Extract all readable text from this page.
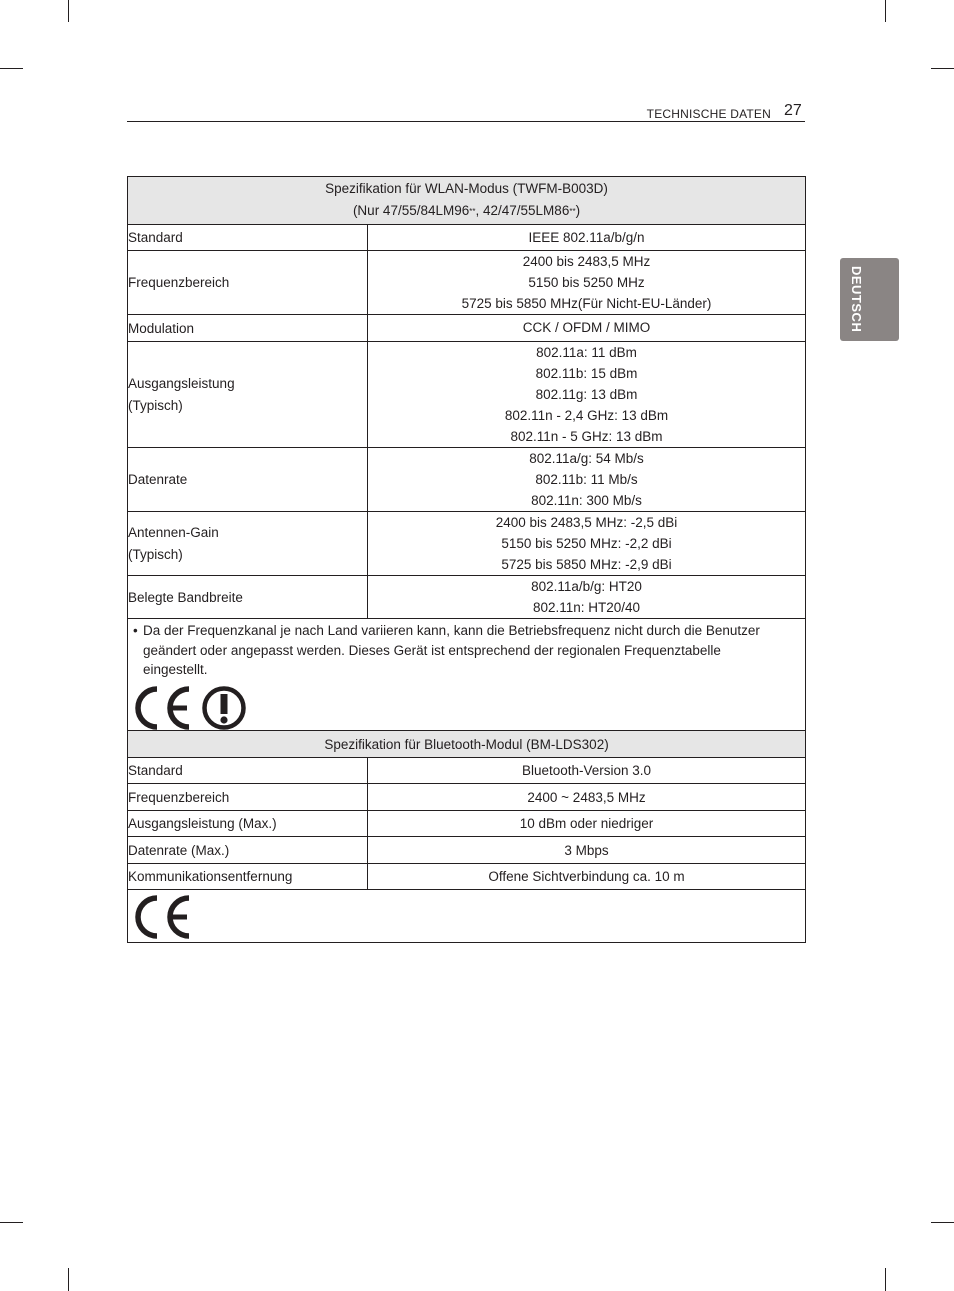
TECHNISCHE DATEN 27
DEUTSCH
Spezifikation für WLAN-Modus (TWFM-B003D)
(Nur 47/55/84LM96**, 42/47/55LM86**)	

Standard	IEEE 802.11a/b/g/n

Frequenzbereich	2400 bis 2483,5 MHz
5150 bis 5250 MHz
5725 bis 5850 MHz(Für Nicht-EU-Länder)

Modulation	CCK / OFDM / MIMO

Ausgangsleistung
(Typisch)	802.11a: 11 dBm
802.11b: 15 dBm
802.11g: 13 dBm
802.11n - 2,4 GHz: 13 dBm
802.11n - 5 GHz: 13 dBm

Datenrate	802.11a/g: 54 Mb/s
802.11b: 11 Mb/s
802.11n: 300 Mb/s

Antennen-Gain
(Typisch)	2400 bis 2483,5 MHz: -2,5 dBi
5150 bis 5250 MHz: -2,2 dBi
5725 bis 5850 MHz: -2,9 dBi

Belegte Bandbreite	802.11a/b/g: HT20
802.11n: HT20/40

• Da der Frequenzkanal je nach Land variieren kann, kann die Betriebsfrequenz nicht durch die Benutzer geändert oder angepasst werden. Dieses Gerät ist entsprechend der regionalen Frequenztabelle eingestellt.	
Spezifikation für Bluetooth-Modul (BM-LDS302)	
Standard	Bluetooth-Version 3.0
Frequenzbereich	2400 ~ 2483,5 MHz
Ausgangsleistung (Max.)	10 dBm oder niedriger
Datenrate (Max.)	3 Mbps
Kommunikationsentfernung	Offene Sichtverbindung ca. 10 m
